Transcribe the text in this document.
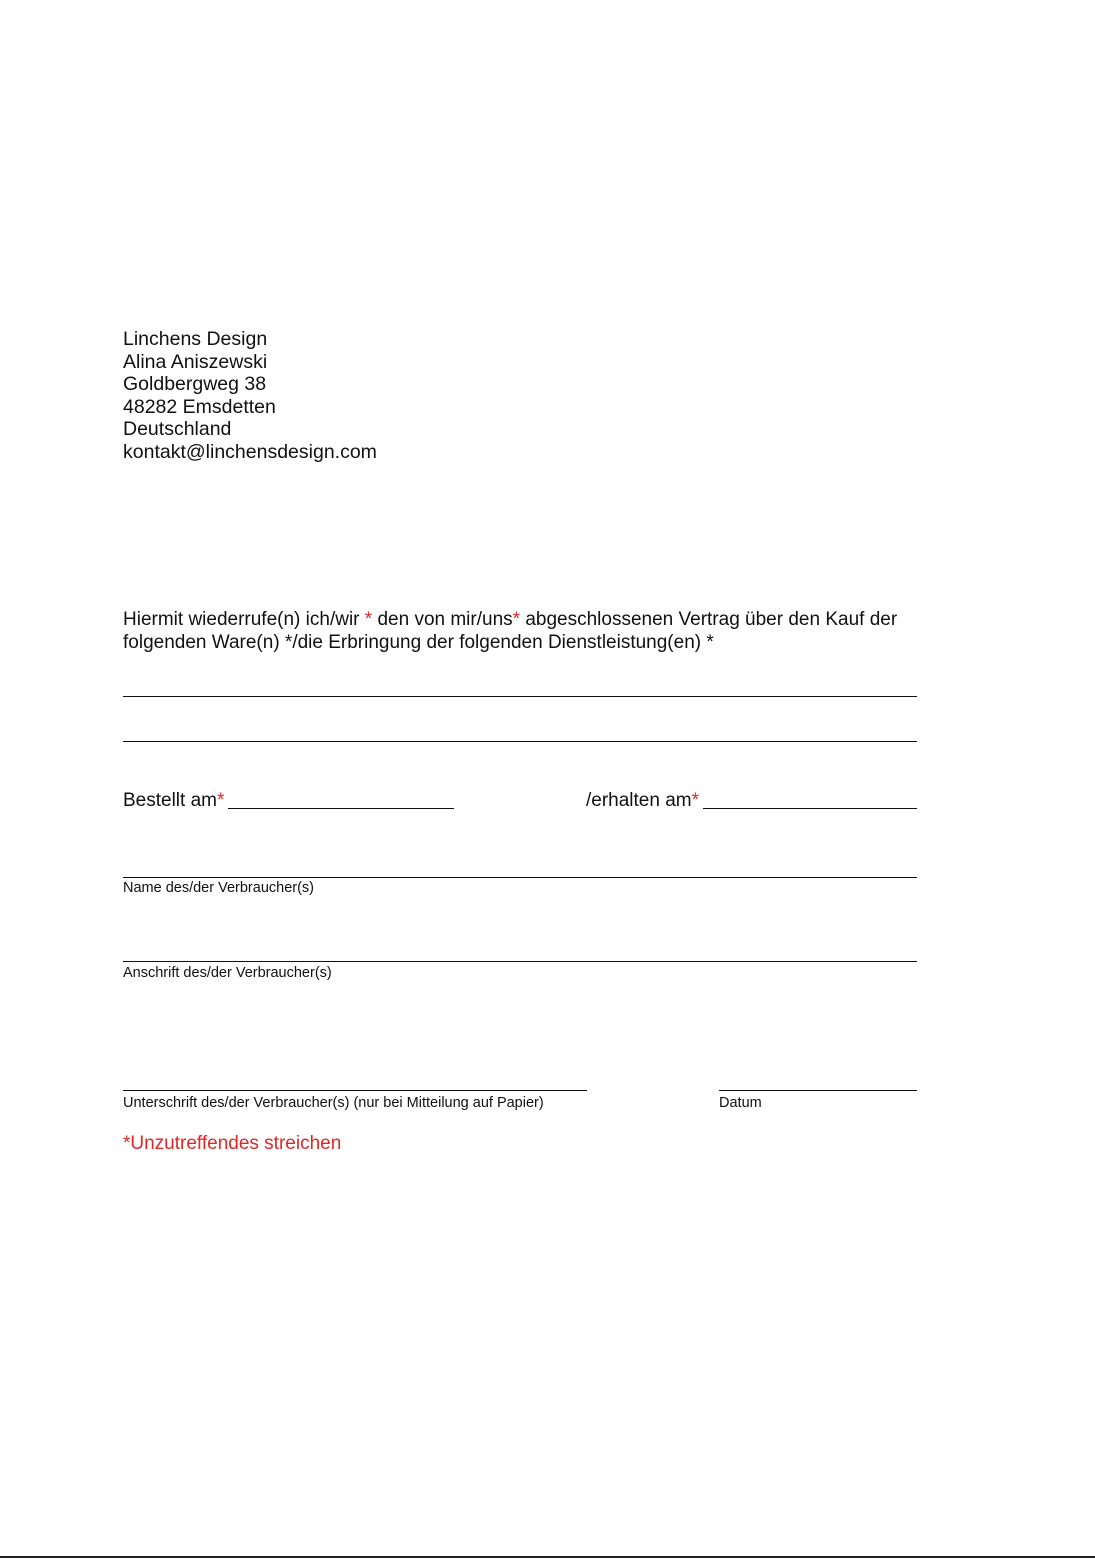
Linchens Design
Alina Aniszewski
Goldbergweg 38
48282 Emsdetten
Deutschland
kontakt@linchensdesign.com
Hiermit wiederrufe(n) ich/wir * den von mir/uns* abgeschlossenen Vertrag über den Kauf der
folgenden Ware(n) */die Erbringung der folgenden Dienstleistung(en) *
Bestellt am*	/erhalten am*
Name des/der Verbraucher(s)
Anschrift des/der Verbraucher(s)
Unterschrift des/der Verbraucher(s) (nur bei Mitteilung auf Papier)	Datum
*Unzutreffendes streichen
